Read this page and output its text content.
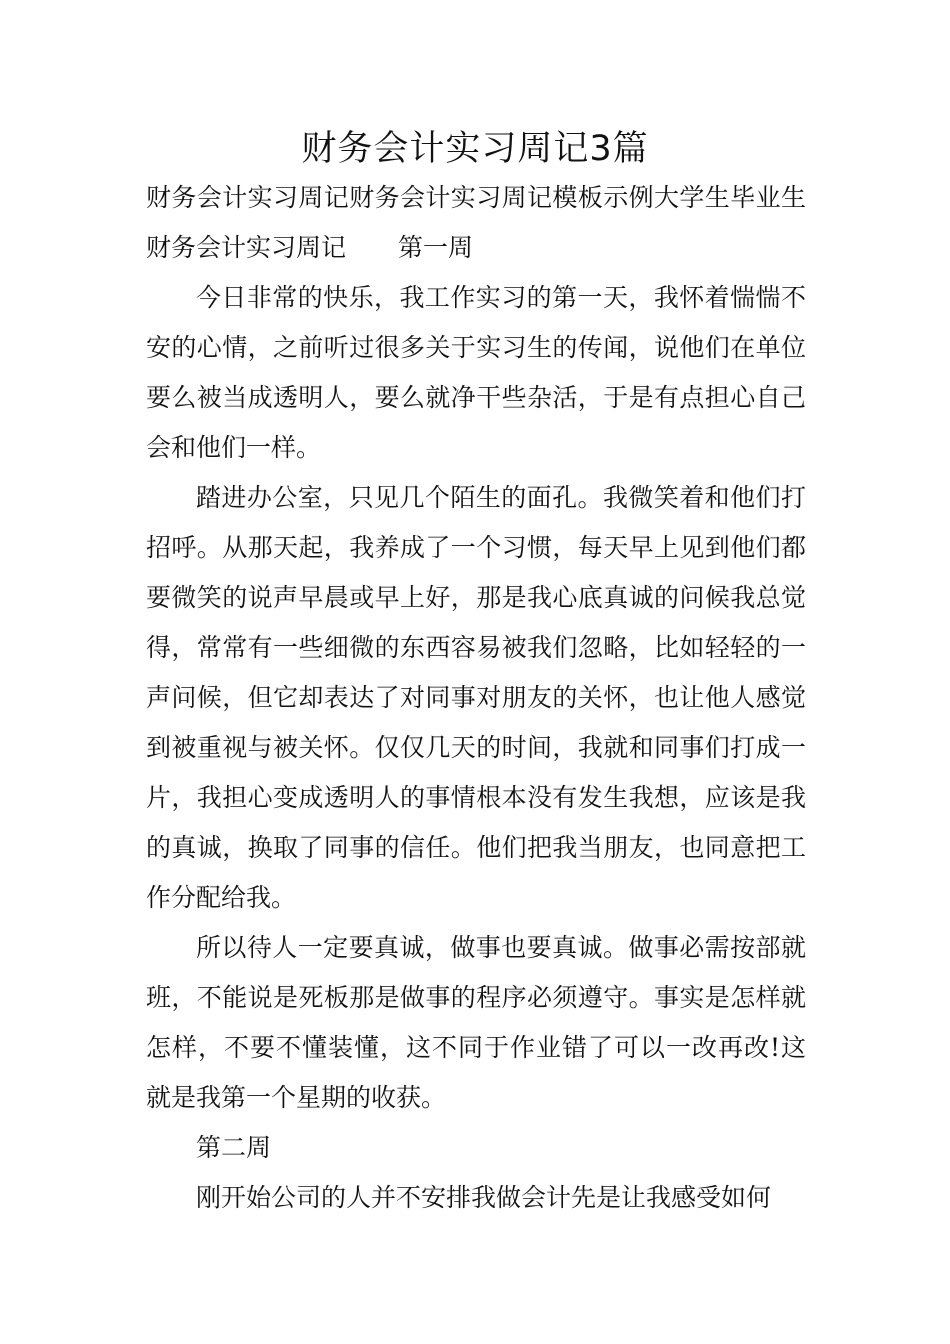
财务会计实习周记3篇

财务会计实习周记财务会计实习周记模板示例大学生毕业生财务会计实习周记 第一周

今日非常的快乐，我工作实习的第一天，我怀着惴惴不安的心情，之前听过很多关于实习生的传闻，说他们在单位要么被当成透明人，要么就净干些杂活，于是有点担心自己会和他们一样。

踏进办公室，只见几个陌生的面孔。我微笑着和他们打招呼。从那天起，我养成了一个习惯，每天早上见到他们都要微笑的说声早晨或早上好，那是我心底真诚的问候我总觉得，常常有一些细微的东西容易被我们忽略，比如轻轻的一声问候，但它却表达了对同事对朋友的关怀，也让他人感觉到被重视与被关怀。仅仅几天的时间，我就和同事们打成一片，我担心变成透明人的事情根本没有发生我想，应该是我的真诚，换取了同事的信任。他们把我当朋友，也同意把工作分配给我。

所以待人一定要真诚，做事也要真诚。做事必需按部就班，不能说是死板那是做事的程序必须遵守。事实是怎样就怎样，不要不懂装懂，这不同于作业错了可以一改再改!这就是我第一个星期的收获。

第二周

刚开始公司的人并不安排我做会计先是让我感受如何
